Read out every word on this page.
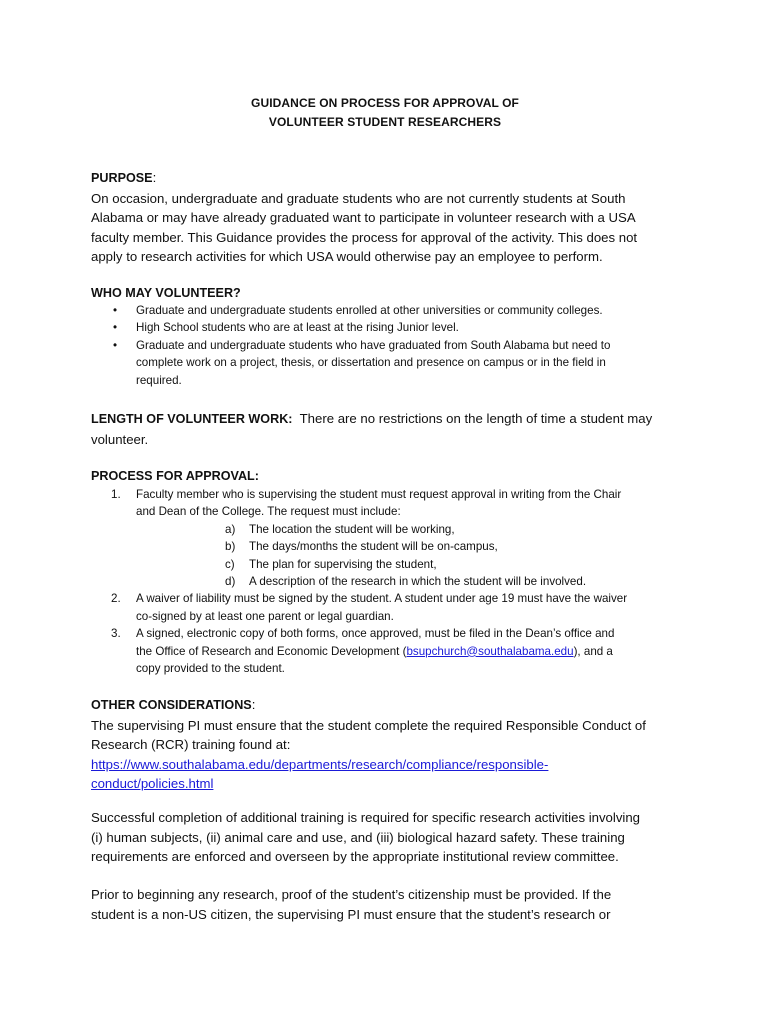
GUIDANCE ON PROCESS FOR APPROVAL OF
VOLUNTEER STUDENT RESEARCHERS
PURPOSE:
On occasion, undergraduate and graduate students who are not currently students at South
Alabama or may have already graduated want to participate in volunteer research with a USA
faculty member. This Guidance provides the process for approval of the activity. This does not
apply to research activities for which USA would otherwise pay an employee to perform.
WHO MAY VOLUNTEER?
• Graduate and undergraduate students enrolled at other universities or community colleges.
• High School students who are at least at the rising Junior level.
• Graduate and undergraduate students who have graduated from South Alabama but need to
complete work on a project, thesis, or dissertation and presence on campus or in the field in
required.
LENGTH OF VOLUNTEER WORK: There are no restrictions on the length of time a student may
volunteer.
PROCESS FOR APPROVAL:
1. Faculty member who is supervising the student must request approval in writing from the Chair
and Dean of the College. The request must include:
a) The location the student will be working,
b) The days/months the student will be on-campus,
c) The plan for supervising the student,
d) A description of the research in which the student will be involved.
2. A waiver of liability must be signed by the student. A student under age 19 must have the waiver
co-signed by at least one parent or legal guardian.
3. A signed, electronic copy of both forms, once approved, must be filed in the Dean’s office and
the Office of Research and Economic Development (bsupchurch@southalabama.edu), and a
copy provided to the student.
OTHER CONSIDERATIONS:
The supervising PI must ensure that the student complete the required Responsible Conduct of
Research (RCR) training found at:
https://www.southalabama.edu/departments/research/compliance/responsible-
conduct/policies.html
Successful completion of additional training is required for specific research activities involving
(i) human subjects, (ii) animal care and use, and (iii) biological hazard safety. These training
requirements are enforced and overseen by the appropriate institutional review committee.
Prior to beginning any research, proof of the student’s citizenship must be provided. If the
student is a non-US citizen, the supervising PI must ensure that the student’s research or
